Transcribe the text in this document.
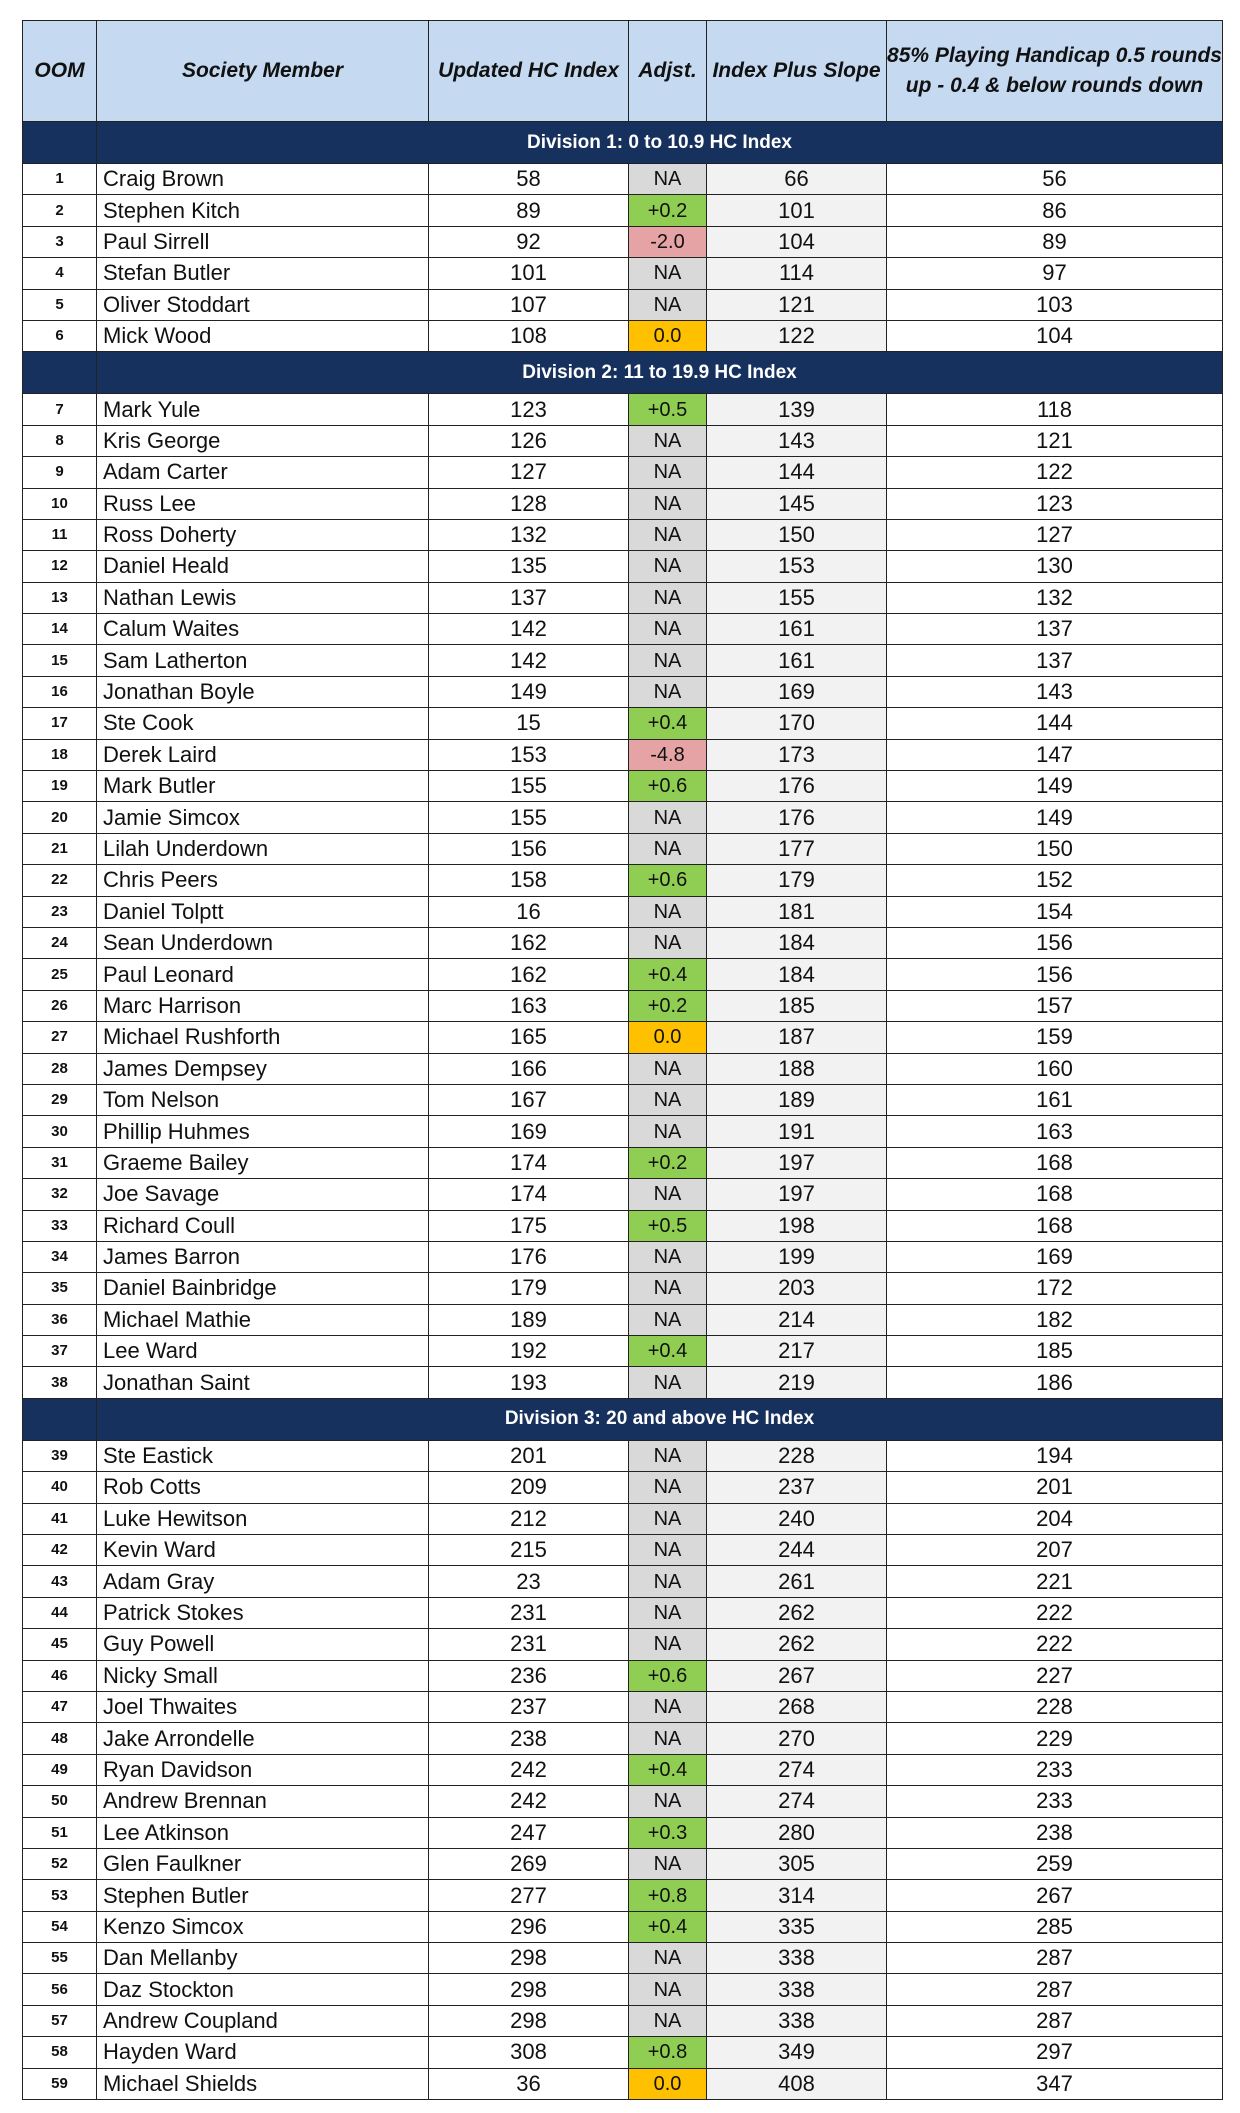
OOM	Society Member	Updated HC Index	Adjst.	Index Plus Slope	85% Playing Handicap 0.5 rounds up - 0.4 & below rounds down
	Division 1: 0 to 10.9 HC Index				
1	Craig Brown	58	NA	66	56
2	Stephen Kitch	89	+0.2	101	86
3	Paul Sirrell	92	-2.0	104	89
4	Stefan Butler	101	NA	114	97
5	Oliver Stoddart	107	NA	121	103
6	Mick Wood	108	0.0	122	104
	Division 2: 11 to 19.9 HC Index				
7	Mark Yule	123	+0.5	139	118
8	Kris George	126	NA	143	121
9	Adam Carter	127	NA	144	122
10	Russ Lee	128	NA	145	123
11	Ross Doherty	132	NA	150	127
12	Daniel Heald	135	NA	153	130
13	Nathan Lewis	137	NA	155	132
14	Calum Waites	142	NA	161	137
15	Sam Latherton	142	NA	161	137
16	Jonathan Boyle	149	NA	169	143
17	Ste Cook	15	+0.4	170	144
18	Derek Laird	153	-4.8	173	147
19	Mark Butler	155	+0.6	176	149
20	Jamie Simcox	155	NA	176	149
21	Lilah Underdown	156	NA	177	150
22	Chris Peers	158	+0.6	179	152
23	Daniel Tolptt	16	NA	181	154
24	Sean Underdown	162	NA	184	156
25	Paul Leonard	162	+0.4	184	156
26	Marc Harrison	163	+0.2	185	157
27	Michael Rushforth	165	0.0	187	159
28	James Dempsey	166	NA	188	160
29	Tom Nelson	167	NA	189	161
30	Phillip Huhmes	169	NA	191	163
31	Graeme Bailey	174	+0.2	197	168
32	Joe Savage	174	NA	197	168
33	Richard Coull	175	+0.5	198	168
34	James Barron	176	NA	199	169
35	Daniel Bainbridge	179	NA	203	172
36	Michael Mathie	189	NA	214	182
37	Lee Ward	192	+0.4	217	185
38	Jonathan Saint	193	NA	219	186
	Division 3: 20 and above HC Index				
39	Ste Eastick	201	NA	228	194
40	Rob Cotts	209	NA	237	201
41	Luke Hewitson	212	NA	240	204
42	Kevin Ward	215	NA	244	207
43	Adam Gray	23	NA	261	221
44	Patrick Stokes	231	NA	262	222
45	Guy Powell	231	NA	262	222
46	Nicky Small	236	+0.6	267	227
47	Joel Thwaites	237	NA	268	228
48	Jake Arrondelle	238	NA	270	229
49	Ryan Davidson	242	+0.4	274	233
50	Andrew Brennan	242	NA	274	233
51	Lee Atkinson	247	+0.3	280	238
52	Glen Faulkner	269	NA	305	259
53	Stephen Butler	277	+0.8	314	267
54	Kenzo Simcox	296	+0.4	335	285
55	Dan Mellanby	298	NA	338	287
56	Daz Stockton	298	NA	338	287
57	Andrew Coupland	298	NA	338	287
58	Hayden Ward	308	+0.8	349	297
59	Michael Shields	36	0.0	408	347
